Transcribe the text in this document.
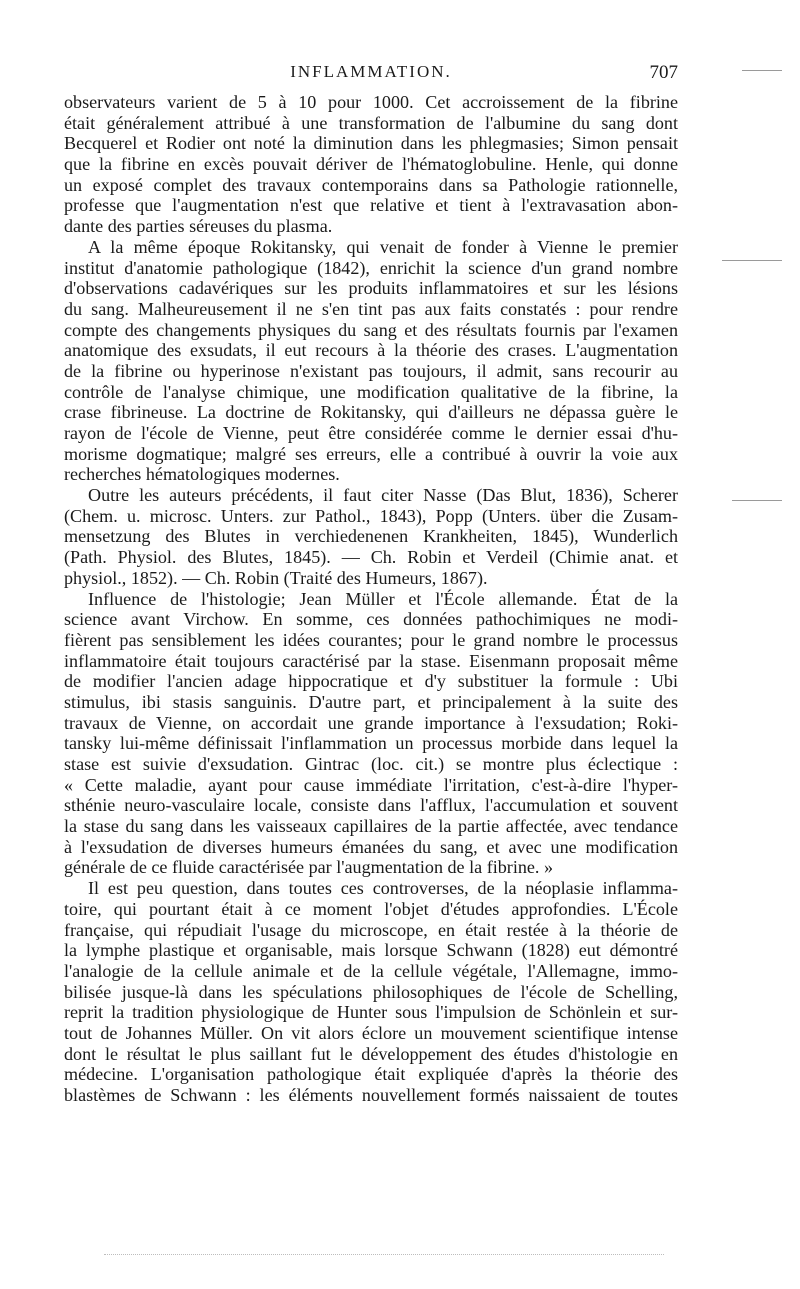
INFLAMMATION.	707
observateurs varient de 5 à 10 pour 1000. Cet accroissement de la fibrine
était généralement attribué à une transformation de l'albumine du sang dont
Becquerel et Rodier ont noté la diminution dans les phlegmasies; Simon pensait
que la fibrine en excès pouvait dériver de l'hématoglobuline. Henle, qui donne
un exposé complet des travaux contemporains dans sa Pathologie rationnelle,
professe que l'augmentation n'est que relative et tient à l'extravasation abon-
dante des parties séreuses du plasma.
A la même époque Rokitansky, qui venait de fonder à Vienne le premier
institut d'anatomie pathologique (1842), enrichit la science d'un grand nombre
d'observations cadavériques sur les produits inflammatoires et sur les lésions
du sang. Malheureusement il ne s'en tint pas aux faits constatés : pour rendre
compte des changements physiques du sang et des résultats fournis par l'examen
anatomique des exsudats, il eut recours à la théorie des crases. L'augmentation
de la fibrine ou hyperinose n'existant pas toujours, il admit, sans recourir au
contrôle de l'analyse chimique, une modification qualitative de la fibrine, la
crase fibrineuse. La doctrine de Rokitansky, qui d'ailleurs ne dépassa guère le
rayon de l'école de Vienne, peut être considérée comme le dernier essai d'hu-
morisme dogmatique; malgré ses erreurs, elle a contribué à ouvrir la voie aux
recherches hématologiques modernes.
Outre les auteurs précédents, il faut citer Nasse (Das Blut, 1836), Scherer
(Chem. u. microsc. Unters. zur Pathol., 1843), Popp (Unters. über die Zusam-
mensetzung des Blutes in verchiedenenen Krankheiten, 1845), Wunderlich
(Path. Physiol. des Blutes, 1845). — Ch. Robin et Verdeil (Chimie anat. et
physiol., 1852). — Ch. Robin (Traité des Humeurs, 1867).
Influence de l'histologie; Jean Müller et l'École allemande. État de la
science avant Virchow. En somme, ces données pathochimiques ne modi-
fièrent pas sensiblement les idées courantes; pour le grand nombre le processus
inflammatoire était toujours caractérisé par la stase. Eisenmann proposait même
de modifier l'ancien adage hippocratique et d'y substituer la formule : Ubi
stimulus, ibi stasis sanguinis. D'autre part, et principalement à la suite des
travaux de Vienne, on accordait une grande importance à l'exsudation; Roki-
tansky lui-même définissait l'inflammation un processus morbide dans lequel la
stase est suivie d'exsudation. Gintrac (loc. cit.) se montre plus éclectique :
« Cette maladie, ayant pour cause immédiate l'irritation, c'est-à-dire l'hyper-
sthénie neuro-vasculaire locale, consiste dans l'afflux, l'accumulation et souvent
la stase du sang dans les vaisseaux capillaires de la partie affectée, avec tendance
à l'exsudation de diverses humeurs émanées du sang, et avec une modification
générale de ce fluide caractérisée par l'augmentation de la fibrine. »
Il est peu question, dans toutes ces controverses, de la néoplasie inflamma-
toire, qui pourtant était à ce moment l'objet d'études approfondies. L'École
française, qui répudiait l'usage du microscope, en était restée à la théorie de
la lymphe plastique et organisable, mais lorsque Schwann (1828) eut démontré
l'analogie de la cellule animale et de la cellule végétale, l'Allemagne, immo-
bilisée jusque-là dans les spéculations philosophiques de l'école de Schelling,
reprit la tradition physiologique de Hunter sous l'impulsion de Schönlein et sur-
tout de Johannes Müller. On vit alors éclore un mouvement scientifique intense
dont le résultat le plus saillant fut le développement des études d'histologie en
médecine. L'organisation pathologique était expliquée d'après la théorie des
blastèmes de Schwann : les éléments nouvellement formés naissaient de toutes
